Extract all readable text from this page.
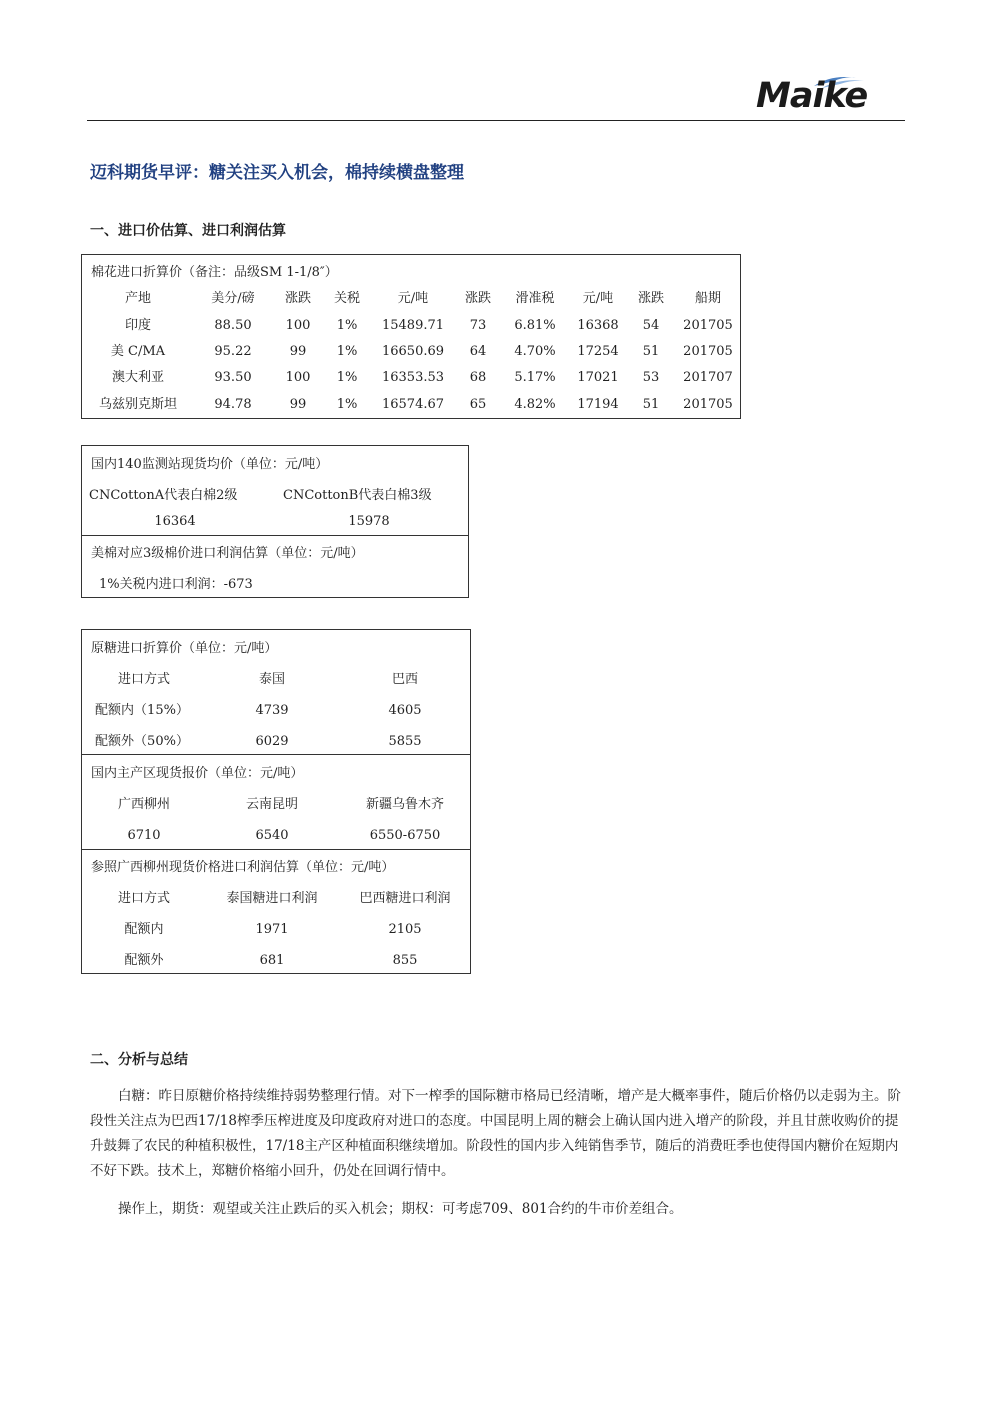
Maike
迈科期货早评：糖关注买入机会，棉持续横盘整理
一、进口价估算、进口利润估算
棉花进口折算价（备注：品级SM 1-1/8″）
产地	美分/磅 涨跌 关税	元/吨	涨跌 滑准税 元/吨 涨跌 船期
印度	88.50	100 1% 15489.71 73 6.81% 16368 54 201705
美 C/MA	95.22	99 1% 16650.69 64 4.70% 17254 51 201705
澳大利亚	93.50	100 1% 16353.53 68 5.17% 17021 53 201707
乌兹别克斯坦	94.78	99 1% 16574.67 65 4.82% 17194 51 201705
国内140监测站现货均价（单位：元/吨）
CNCottonA代表白棉2级	CNCottonB代表白棉3级
16364	15978
美棉对应3级棉价进口利润估算（单位：元/吨）
1%关税内进口利润：-673
原糖进口折算价（单位：元/吨）
进口方式	泰国	巴西
配额内（15%）	4739	4605
配额外（50%）	6029	5855
国内主产区现货报价（单位：元/吨）
广西柳州	云南昆明	新疆乌鲁木齐
6710	6540	6550-6750
参照广西柳州现货价格进口利润估算（单位：元/吨）
进口方式	泰国糖进口利润	巴西糖进口利润
配额内	1971	2105
配额外	681	855
二、分析与总结
白糖：昨日原糖价格持续维持弱势整理行情。对下一榨季的国际糖市格局已经清晰，增产是大概率事件，随后价格仍以走弱为主。阶段性关注点为巴西17/18榨季压榨进度及印度政府对进口的态度。中国昆明上周的糖会上确认国内进入增产的阶段，并且甘蔗收购价的提升鼓舞了农民的种植积极性，17/18主产区种植面积继续增加。阶段性的国内步入纯销售季节，随后的消费旺季也使得国内糖价在短期内不好下跌。技术上，郑糖价格缩小回升，仍处在回调行情中。
操作上，期货：观望或关注止跌后的买入机会；期权：可考虑709、801合约的牛市价差组合。
